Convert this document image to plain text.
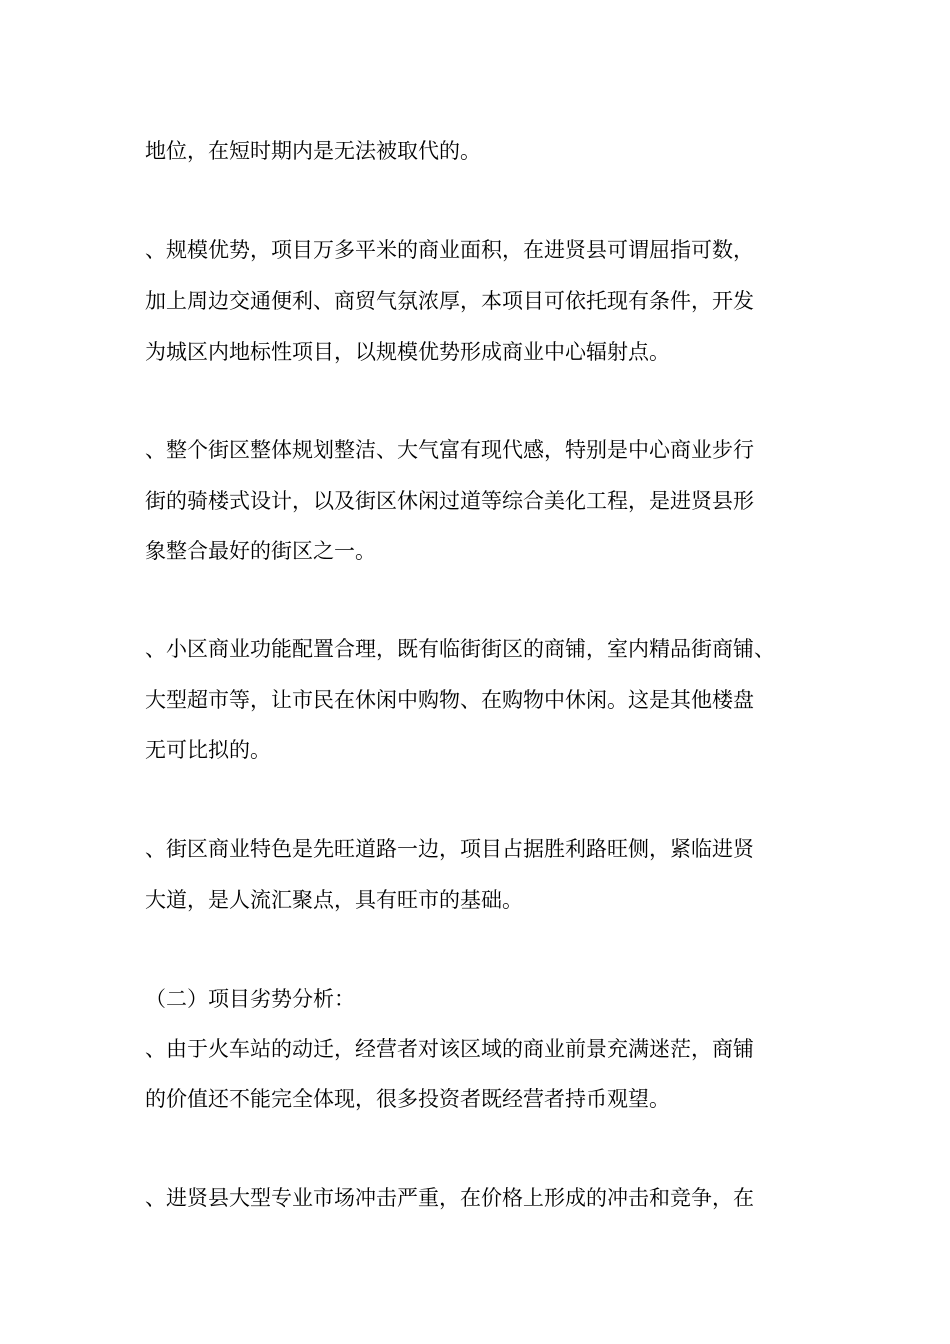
地位，在短时期内是无法被取代的。
、规模优势，项目万多平米的商业面积，在进贤县可谓屈指可数，
加上周边交通便利、商贸气氛浓厚，本项目可依托现有条件，开发
为城区内地标性项目，以规模优势形成商业中心辐射点。
、整个街区整体规划整洁、大气富有现代感，特别是中心商业步行
街的骑楼式设计，以及街区休闲过道等综合美化工程，是进贤县形
象整合最好的街区之一。
、小区商业功能配置合理，既有临街街区的商铺，室内精品街商铺、
大型超市等，让市民在休闲中购物、在购物中休闲。这是其他楼盘
无可比拟的。
、街区商业特色是先旺道路一边，项目占据胜利路旺侧，紧临进贤
大道，是人流汇聚点，具有旺市的基础。
（二）项目劣势分析：
、由于火车站的动迁，经营者对该区域的商业前景充满迷茫，商铺
的价值还不能完全体现，很多投资者既经营者持币观望。
、进贤县大型专业市场冲击严重，在价格上形成的冲击和竞争，在
